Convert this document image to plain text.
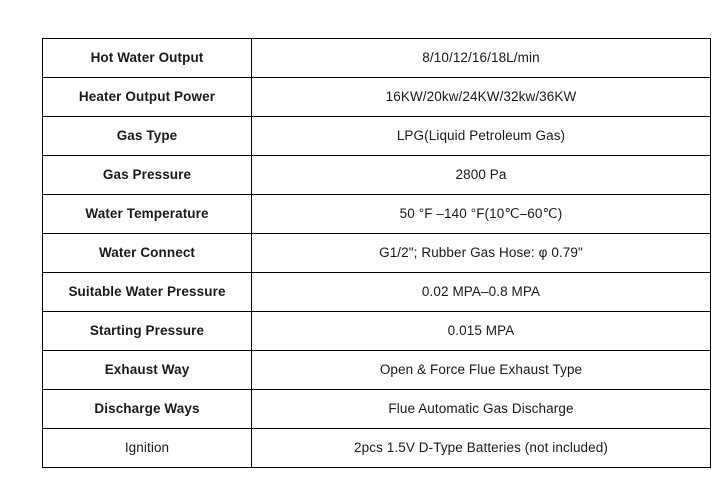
Hot Water Output	8/10/12/16/18L/min
Heater Output Power	16KW/20kw/24KW/32kw/36KW
Gas Type	LPG(Liquid Petroleum Gas)
Gas Pressure	2800 Pa
Water Temperature	50 °F –140 °F(10℃–60℃)
Water Connect	G1/2"; Rubber Gas Hose: φ 0.79"
Suitable Water Pressure	0.02 MPA–0.8 MPA
Starting Pressure	0.015 MPA
Exhaust Way	Open & Force Flue Exhaust Type
Discharge Ways	Flue Automatic Gas Discharge
Ignition	2pcs 1.5V D-Type Batteries (not included)
